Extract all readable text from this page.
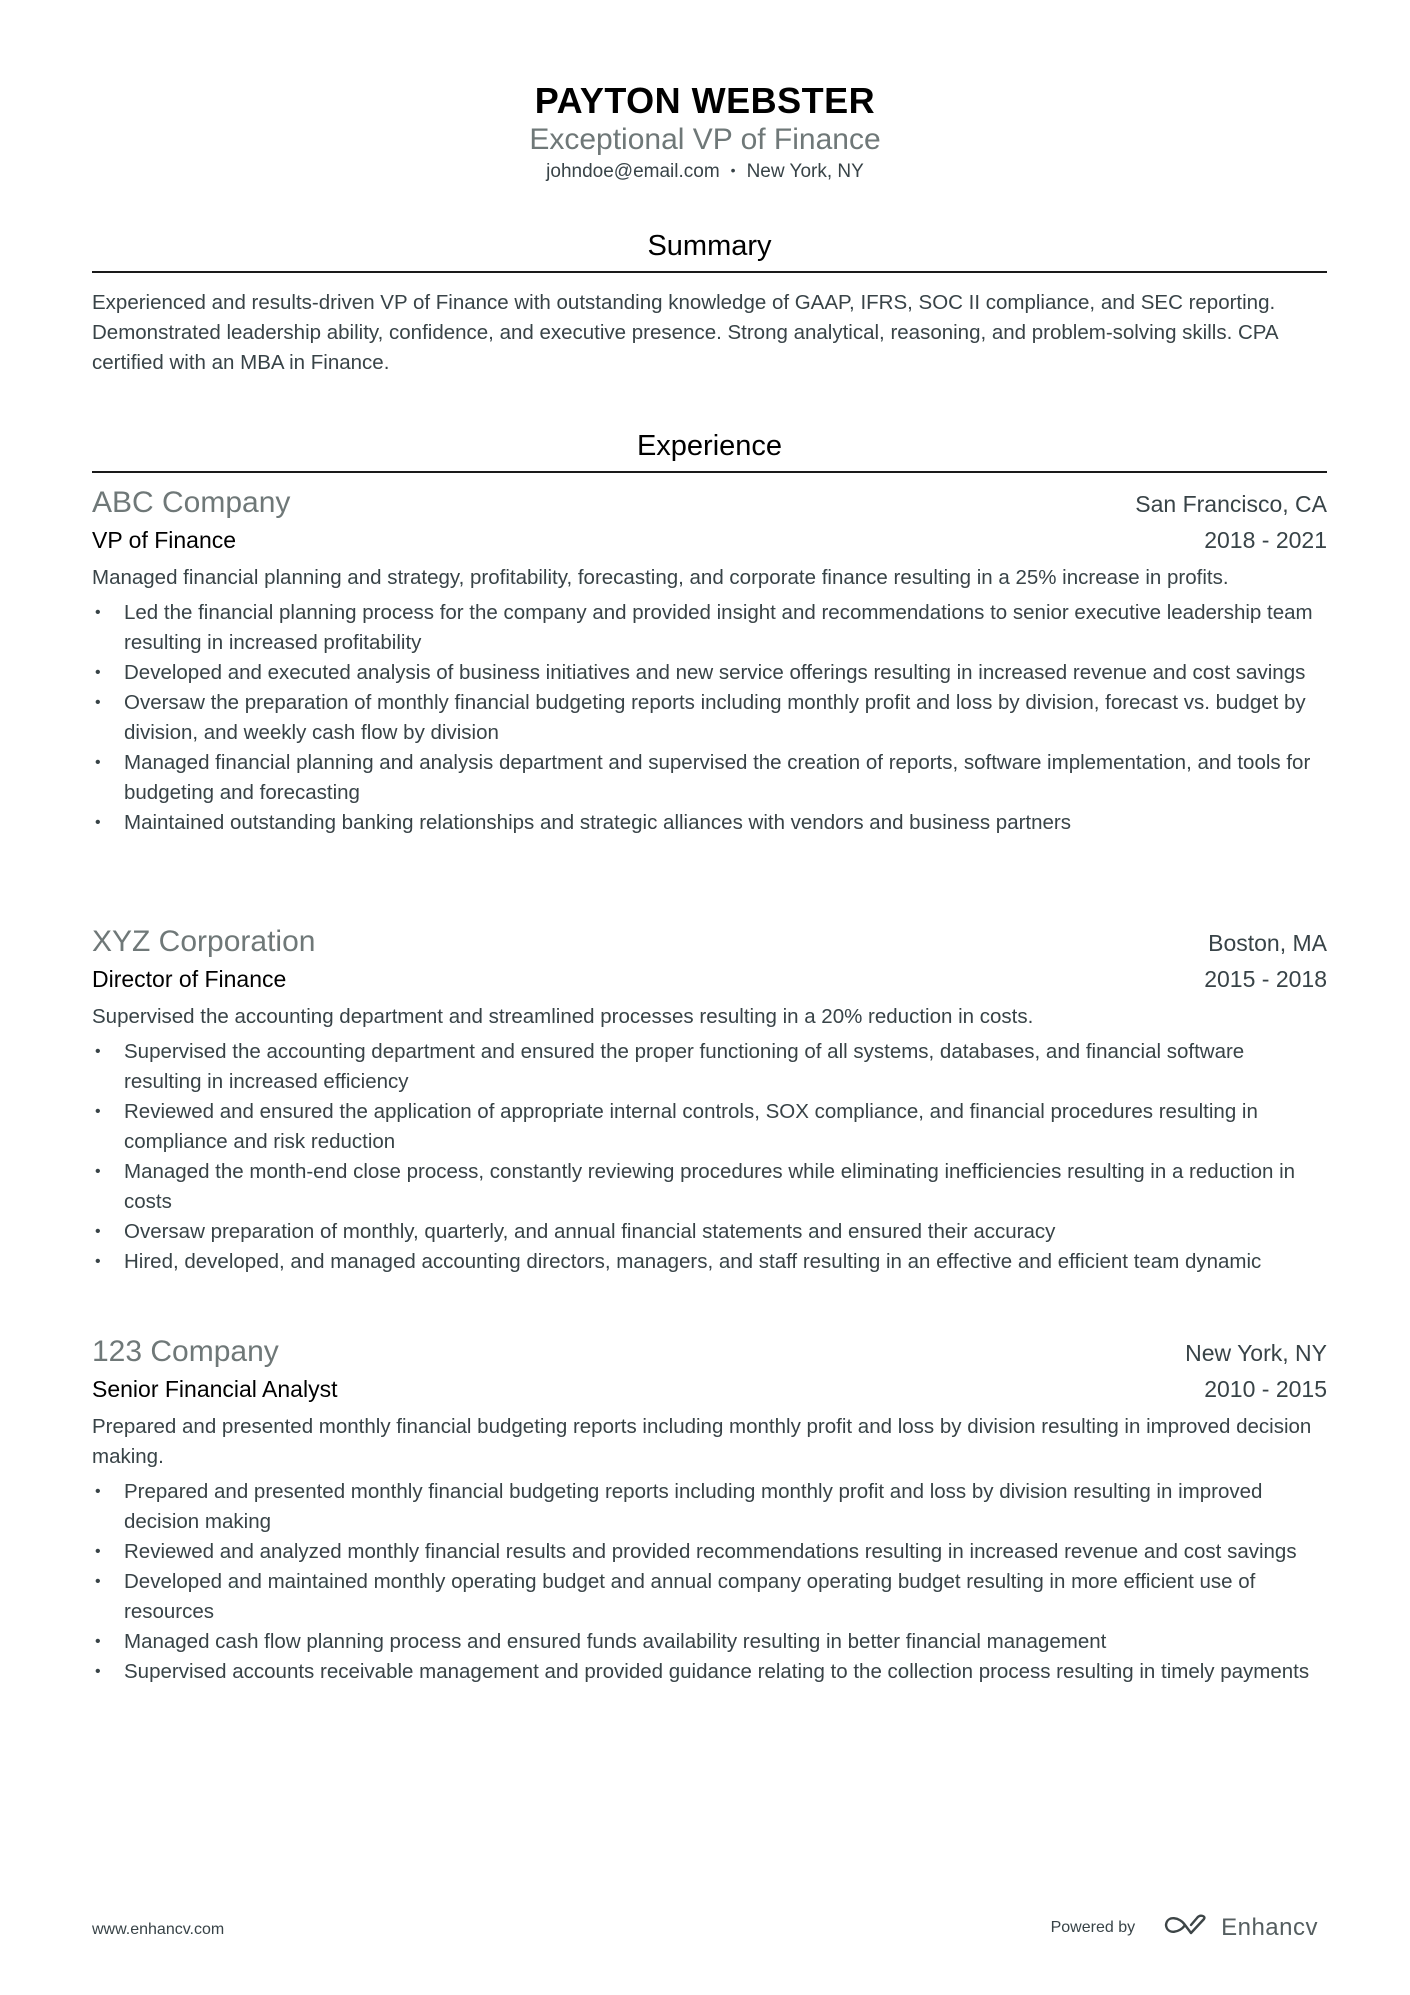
PAYTON WEBSTER
Exceptional VP of Finance
johndoe@email.com • New York, NY
Summary

Experienced and results-driven VP of Finance with outstanding knowledge of GAAP, IFRS, SOC II compliance, and SEC reporting. Demonstrated leadership ability, confidence, and executive presence. Strong analytical, reasoning, and problem-solving skills. CPA certified with an MBA in Finance.

Experience
ABC Company	San Francisco, CA
VP of Finance	2018 - 2021
Managed financial planning and strategy, profitability, forecasting, and corporate finance resulting in a 25% increase in profits.
• Led the financial planning process for the company and provided insight and recommendations to senior executive leadership team resulting in increased profitability
• Developed and executed analysis of business initiatives and new service offerings resulting in increased revenue and cost savings
• Oversaw the preparation of monthly financial budgeting reports including monthly profit and loss by division, forecast vs. budget by division, and weekly cash flow by division
• Managed financial planning and analysis department and supervised the creation of reports, software implementation, and tools for budgeting and forecasting
• Maintained outstanding banking relationships and strategic alliances with vendors and business partners
XYZ Corporation	Boston, MA
Director of Finance	2015 - 2018
Supervised the accounting department and streamlined processes resulting in a 20% reduction in costs.
• Supervised the accounting department and ensured the proper functioning of all systems, databases, and financial software resulting in increased efficiency
• Reviewed and ensured the application of appropriate internal controls, SOX compliance, and financial procedures resulting in compliance and risk reduction
• Managed the month-end close process, constantly reviewing procedures while eliminating inefficiencies resulting in a reduction in costs
• Oversaw preparation of monthly, quarterly, and annual financial statements and ensured their accuracy
• Hired, developed, and managed accounting directors, managers, and staff resulting in an effective and efficient team dynamic
123 Company	New York, NY
Senior Financial Analyst	2010 - 2015
Prepared and presented monthly financial budgeting reports including monthly profit and loss by division resulting in improved decision making.
• Prepared and presented monthly financial budgeting reports including monthly profit and loss by division resulting in improved decision making
• Reviewed and analyzed monthly financial results and provided recommendations resulting in increased revenue and cost savings
• Developed and maintained monthly operating budget and annual company operating budget resulting in more efficient use of resources
• Managed cash flow planning process and ensured funds availability resulting in better financial management
• Supervised accounts receivable management and provided guidance relating to the collection process resulting in timely payments
www.enhancv.com	Powered by	Enhancv
